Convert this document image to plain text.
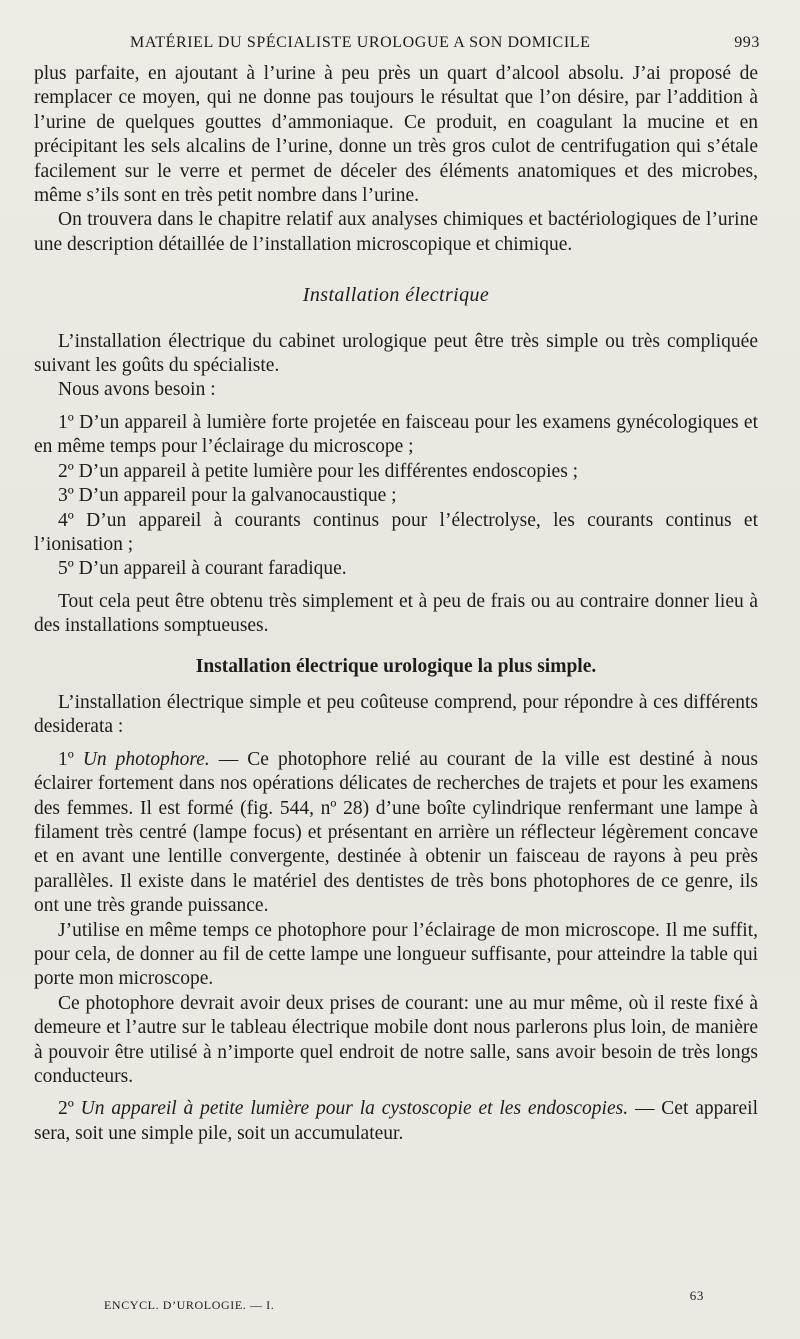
MATÉRIEL DU SPÉCIALISTE UROLOGUE A SON DOMICILE	993

plus parfaite, en ajoutant à l’urine à peu près un quart d’alcool absolu. J’ai proposé de remplacer ce moyen, qui ne donne pas toujours le résultat que l’on désire, par l’addition à l’urine de quelques gouttes d’ammoniaque. Ce produit, en coagulant la mucine et en précipitant les sels alcalins de l’urine, donne un très gros culot de centrifugation qui s’étale facilement sur le verre et permet de déceler des éléments anatomiques et des microbes, même s’ils sont en très petit nombre dans l’urine.

On trouvera dans le chapitre relatif aux analyses chimiques et bactériologiques de l’urine une description détaillée de l’installation microscopique et chimique.

Installation électrique

L’installation électrique du cabinet urologique peut être très simple ou très compliquée suivant les goûts du spécialiste.

Nous avons besoin :

1º D’un appareil à lumière forte projetée en faisceau pour les examens gynécologiques et en même temps pour l’éclairage du microscope ;

2º D’un appareil à petite lumière pour les différentes endoscopies ;

3º D’un appareil pour la galvanocaustique ;

4º D’un appareil à courants continus pour l’électrolyse, les courants continus et l’ionisation ;

5º D’un appareil à courant faradique.

Tout cela peut être obtenu très simplement et à peu de frais ou au contraire donner lieu à des installations somptueuses.

Installation électrique urologique la plus simple.

L’installation électrique simple et peu coûteuse comprend, pour répondre à ces différents desiderata :

1º Un photophore. — Ce photophore relié au courant de la ville est destiné à nous éclairer fortement dans nos opérations délicates de recherches de trajets et pour les examens des femmes. Il est formé (fig. 544, nº 28) d’une boîte cylindrique renfermant une lampe à filament très centré (lampe focus) et présentant en arrière un réflecteur légèrement concave et en avant une lentille convergente, destinée à obtenir un faisceau de rayons à peu près parallèles. Il existe dans le matériel des dentistes de très bons photophores de ce genre, ils ont une très grande puissance.

J’utilise en même temps ce photophore pour l’éclairage de mon microscope. Il me suffit, pour cela, de donner au fil de cette lampe une longueur suffisante, pour atteindre la table qui porte mon microscope.

Ce photophore devrait avoir deux prises de courant: une au mur même, où il reste fixé à demeure et l’autre sur le tableau électrique mobile dont nous parlerons plus loin, de manière à pouvoir être utilisé à n’importe quel endroit de notre salle, sans avoir besoin de très longs conducteurs.

2º Un appareil à petite lumière pour la cystoscopie et les endoscopies. — Cet appareil sera, soit une simple pile, soit un accumulateur.

ENCYCL. D’UROLOGIE. — I.
63
